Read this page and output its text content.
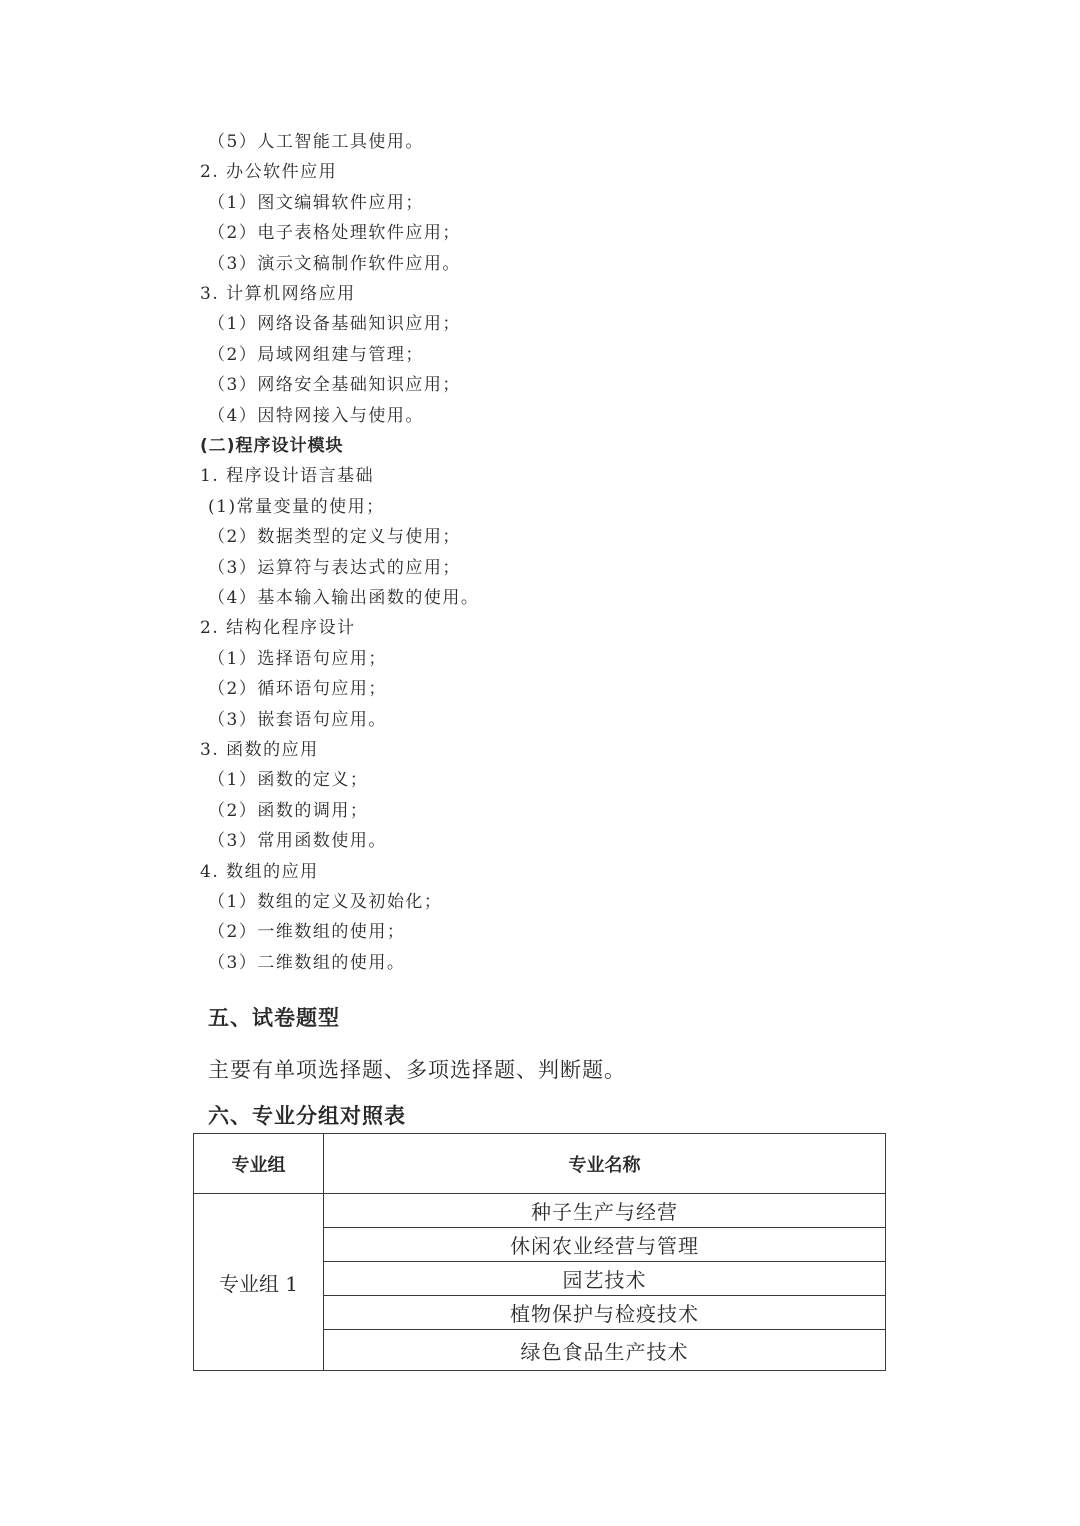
（5）人工智能工具使用。
2. 办公软件应用
（1）图文编辑软件应用；
（2）电子表格处理软件应用；
（3）演示文稿制作软件应用。
3. 计算机网络应用
（1）网络设备基础知识应用；
（2）局域网组建与管理；
（3）网络安全基础知识应用；
（4）因特网接入与使用。
(二)程序设计模块
1. 程序设计语言基础
(1)常量变量的使用；
（2）数据类型的定义与使用；
（3）运算符与表达式的应用；
（4）基本输入输出函数的使用。
2. 结构化程序设计
（1）选择语句应用；
（2）循环语句应用；
（3）嵌套语句应用。
3. 函数的应用
（1）函数的定义；
（2）函数的调用；
（3）常用函数使用。
4. 数组的应用
（1）数组的定义及初始化；
（2）一维数组的使用；
（3）二维数组的使用。
五、试卷题型
主要有单项选择题、多项选择题、判断题。
六、专业分组对照表
专业组	专业名称
专业组 1	种子生产与经营
	休闲农业经营与管理
	园艺技术
	植物保护与检疫技术
	绿色食品生产技术
